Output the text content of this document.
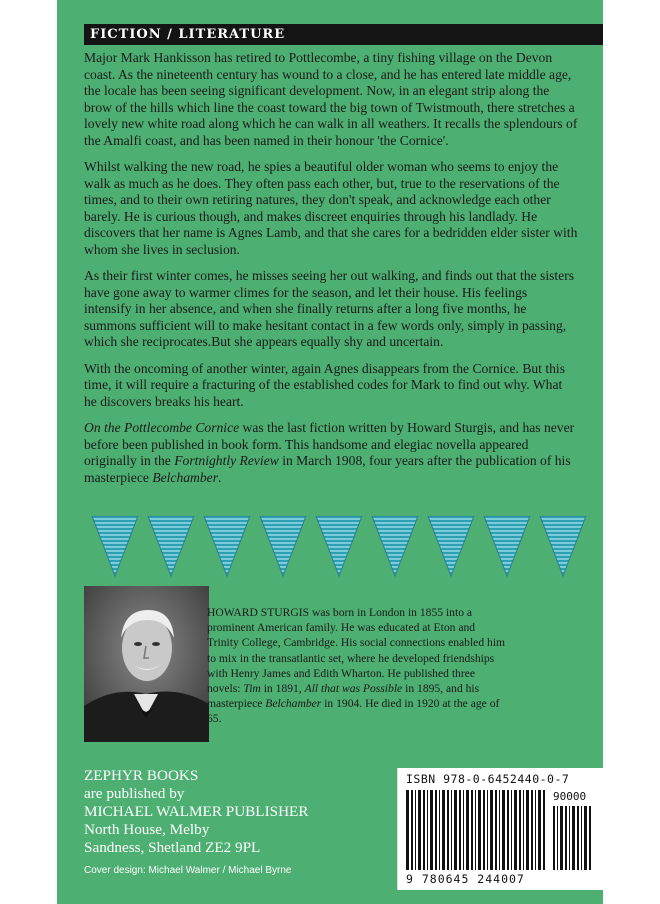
FICTION / LITERATURE

Major Mark Hankisson has retired to Pottlecombe, a tiny fishing village on the Devon coast. As the nineteenth century has wound to a close, and he has entered late middle age, the locale has been seeing significant development. Now, in an elegant strip along the brow of the hills which line the coast toward the big town of Twistmouth, there stretches a lovely new white road along which he can walk in all weathers. It recalls the splendours of the Amalfi coast, and has been named in their honour 'the Cornice'.

Whilst walking the new road, he spies a beautiful older woman who seems to enjoy the walk as much as he does. They often pass each other, but, true to the reservations of the times, and to their own retiring natures, they don't speak, and acknowledge each other barely. He is curious though, and makes discreet enquiries through his landlady. He discovers that her name is Agnes Lamb, and that she cares for a bedridden elder sister with whom she lives in seclusion.

As their first winter comes, he misses seeing her out walking, and finds out that the sisters have gone away to warmer climes for the season, and let their house. His feelings intensify in her absence, and when she finally returns after a long five months, he summons sufficient will to make hesitant contact in a few words only, simply in passing, which she reciprocates.But she appears equally shy and uncertain.

With the oncoming of another winter, again Agnes disappears from the Cornice. But this time, it will require a fracturing of the established codes for Mark to find out why. What he discovers breaks his heart.

On the Pottlecombe Cornice was the last fiction written by Howard Sturgis, and has never before been published in book form. This handsome and elegiac novella appeared originally in the Fortnightly Review in March 1908, four years after the publication of his masterpiece Belchamber.

HOWARD STURGIS was born in London in 1855 into a prominent American family. He was educated at Eton and Trinity College, Cambridge. His social connections enabled him to mix in the transatlantic set, where he developed friendships with Henry James and Edith Wharton. He published three novels: Tim in 1891, All that was Possible in 1895, and his masterpiece Belchamber in 1904. He died in 1920 at the age of 65.
ZEPHYR BOOKS
are published by
MICHAEL WALMER PUBLISHER
North House, Melby
Sandness, Shetland ZE2 9PL
Cover design: Michael Walmer / Michael Byrne
ISBN 978-0-6452440-0-7
90000
9 780645 244007
